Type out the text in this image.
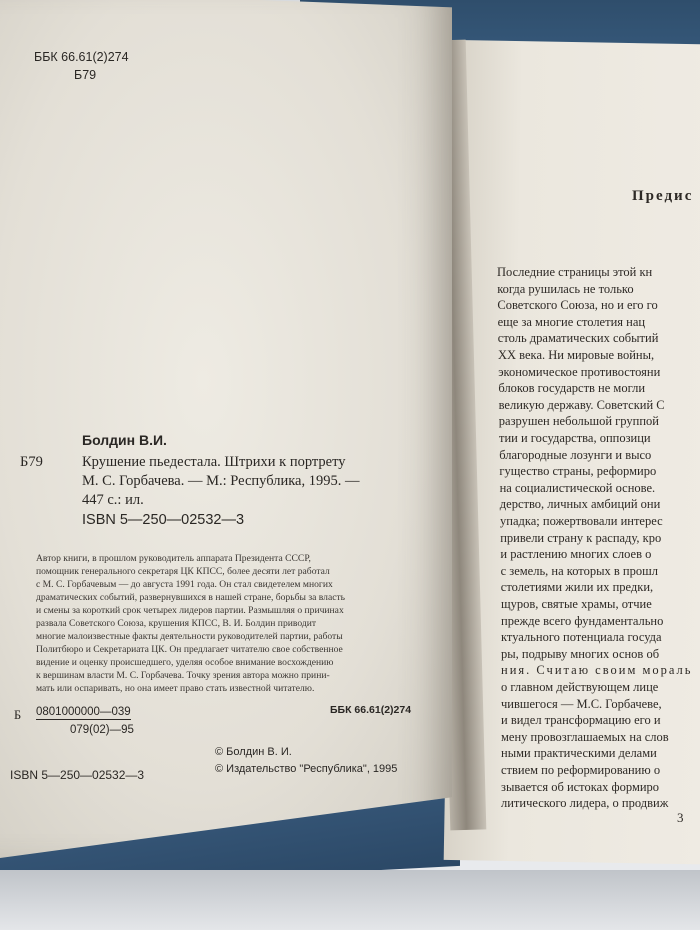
ББК 66.61(2)274
Б79
Болдин В.И.
Б79	Крушение пьедестала. Штрихи к портрету
М. С. Горбачева. — М.: Республика, 1995. —
447 с.: ил.
ISBN 5—250—02532—3
Автор книги, в прошлом руководитель аппарата Президента СССР,
помощник генерального секретаря ЦК КПСС, более десяти лет работал
с М. С. Горбачевым — до августа 1991 года. Он стал свидетелем многих
драматических событий, развернувшихся в нашей стране, борьбы за власть
и смены за короткий срок четырех лидеров партии. Размышляя о причинах
развала Советского Союза, крушения КПСС, В. И. Болдин приводит
многие малоизвестные факты деятельности руководителей партии, работы
Политбюро и Секретариата ЦК. Он предлагает читателю свое собственное
видение и оценку происшедшего, уделяя особое внимание восхождению
к вершинам власти М. С. Горбачева. Точку зрения автора можно прини-
мать или оспаривать, но она имеет право стать известной читателю.
ББК 66.61(2)274
Б 0801000000—039
079(02)—95
© Болдин В. И.
© Издательство "Республика", 1995
ISBN 5—250—02532—3
Предис
Последние страницы этой кн
когда рушилась не только
Советского Союза, но и его го
еще за многие столетия нац
столь драматических событий
XX века. Ни мировые войны,
экономическое противостояни
блоков государств не могли
великую державу. Советский С
разрушен небольшой группой
тии и государства, оппозици
благородные лозунги и высо
гущество страны, реформиро
на социалистической основе.
дерство, личных амбиций они
упадка; пожертвовали интерес
привели страну к распаду, кро
и растлению многих слоев о
с земель, на которых в прошл
столетиями жили их предки,
щуров, святые храмы, отчие
прежде всего фундаментально
ктуального потенциала госуда
ры, подрыву многих основ об
ния. Считаю своим мораль
о главном действующем лице
чившегося — М.С. Горбачеве,
и видел трансформацию его и
мену провозглашаемых на слов
ными практическими делами
ствием по реформированию о
зывается об истоках формиро
литического лидера, о продвиж
3
